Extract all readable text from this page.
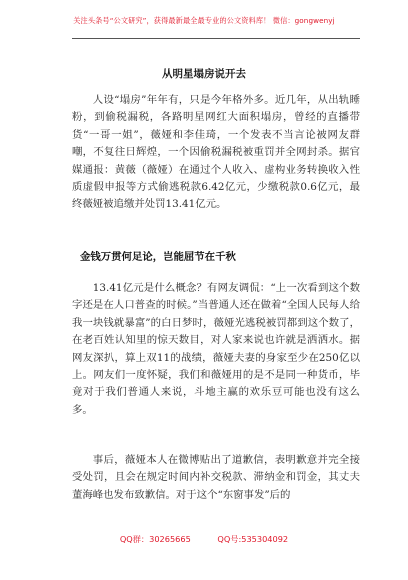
关注头条号“公文研究”，获得最新最全最专业的公文资料库！ 微信：gongwenyj
从明星塌房说开去

人设“塌房”年年有，只是今年格外多。近几年，从出轨睡粉，到偷税漏税，各路明星网红大面积塌房，曾经的直播带货“一哥一姐”，薇娅和李佳琦，一个发表不当言论被网友群嘲，不复往日辉煌，一个因偷税漏税被重罚并全网封杀。据官媒通报：黄薇（薇娅）在通过个人收入、虚构业务转换收入性质虚假申报等方式偷逃税款6.42亿元，少缴税款0.6亿元，最终薇娅被追缴并处罚13.41亿元。

金钱万贯何足论，岂能屈节在千秋

13.41亿元是什么概念？有网友调侃：“上一次看到这个数字还是在人口普查的时候。”当普通人还在做着“全国人民每人给我一块钱就暴富”的白日梦时，薇娅光逃税被罚都到这个数了，在老百姓认知里的惊天数目，对人家来说也许就是洒洒水。据网友深扒，算上双11的战绩，薇娅夫妻的身家至少在250亿以上。网友们一度怀疑，我们和薇娅用的是不是同一种货币，毕竟对于我们普通人来说，斗地主赢的欢乐豆可能也没有这么多。

事后，薇娅本人在微博贴出了道歉信，表明歉意并完全接受处罚，且会在规定时间内补交税款、滞纳金和罚金，其丈夫董海峰也发布致歉信。对于这个“东窗事发”后的

QQ群：30265665	QQ号:535304092
